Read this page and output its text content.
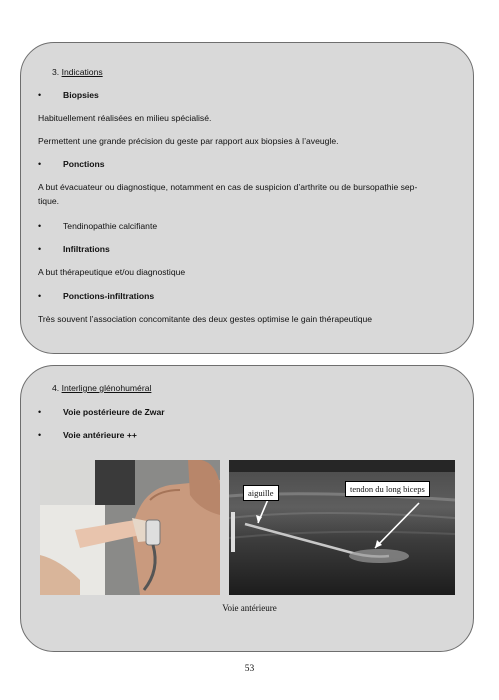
3. Indications
•	Biopsies
Habituellement réalisées en milieu spécialisé.
Permettent une grande précision du geste par rapport aux biopsies à l’aveugle.
•	Ponctions
A but évacuateur ou diagnostique, notamment en cas de suspicion d’arthrite ou de bursopathie sep-
tique.
•	Tendinopathie calcifiante
•	Infiltrations
A but thérapeutique et/ou diagnostique
•	Ponctions-infiltrations
Très souvent l’association concomitante des deux gestes optimise le gain thérapeutique
4. Interligne glénohuméral
•	Voie postérieure de Zwar
•	Voie antérieure ++
aiguille	tendon du long biceps
Voie antérieure
53
